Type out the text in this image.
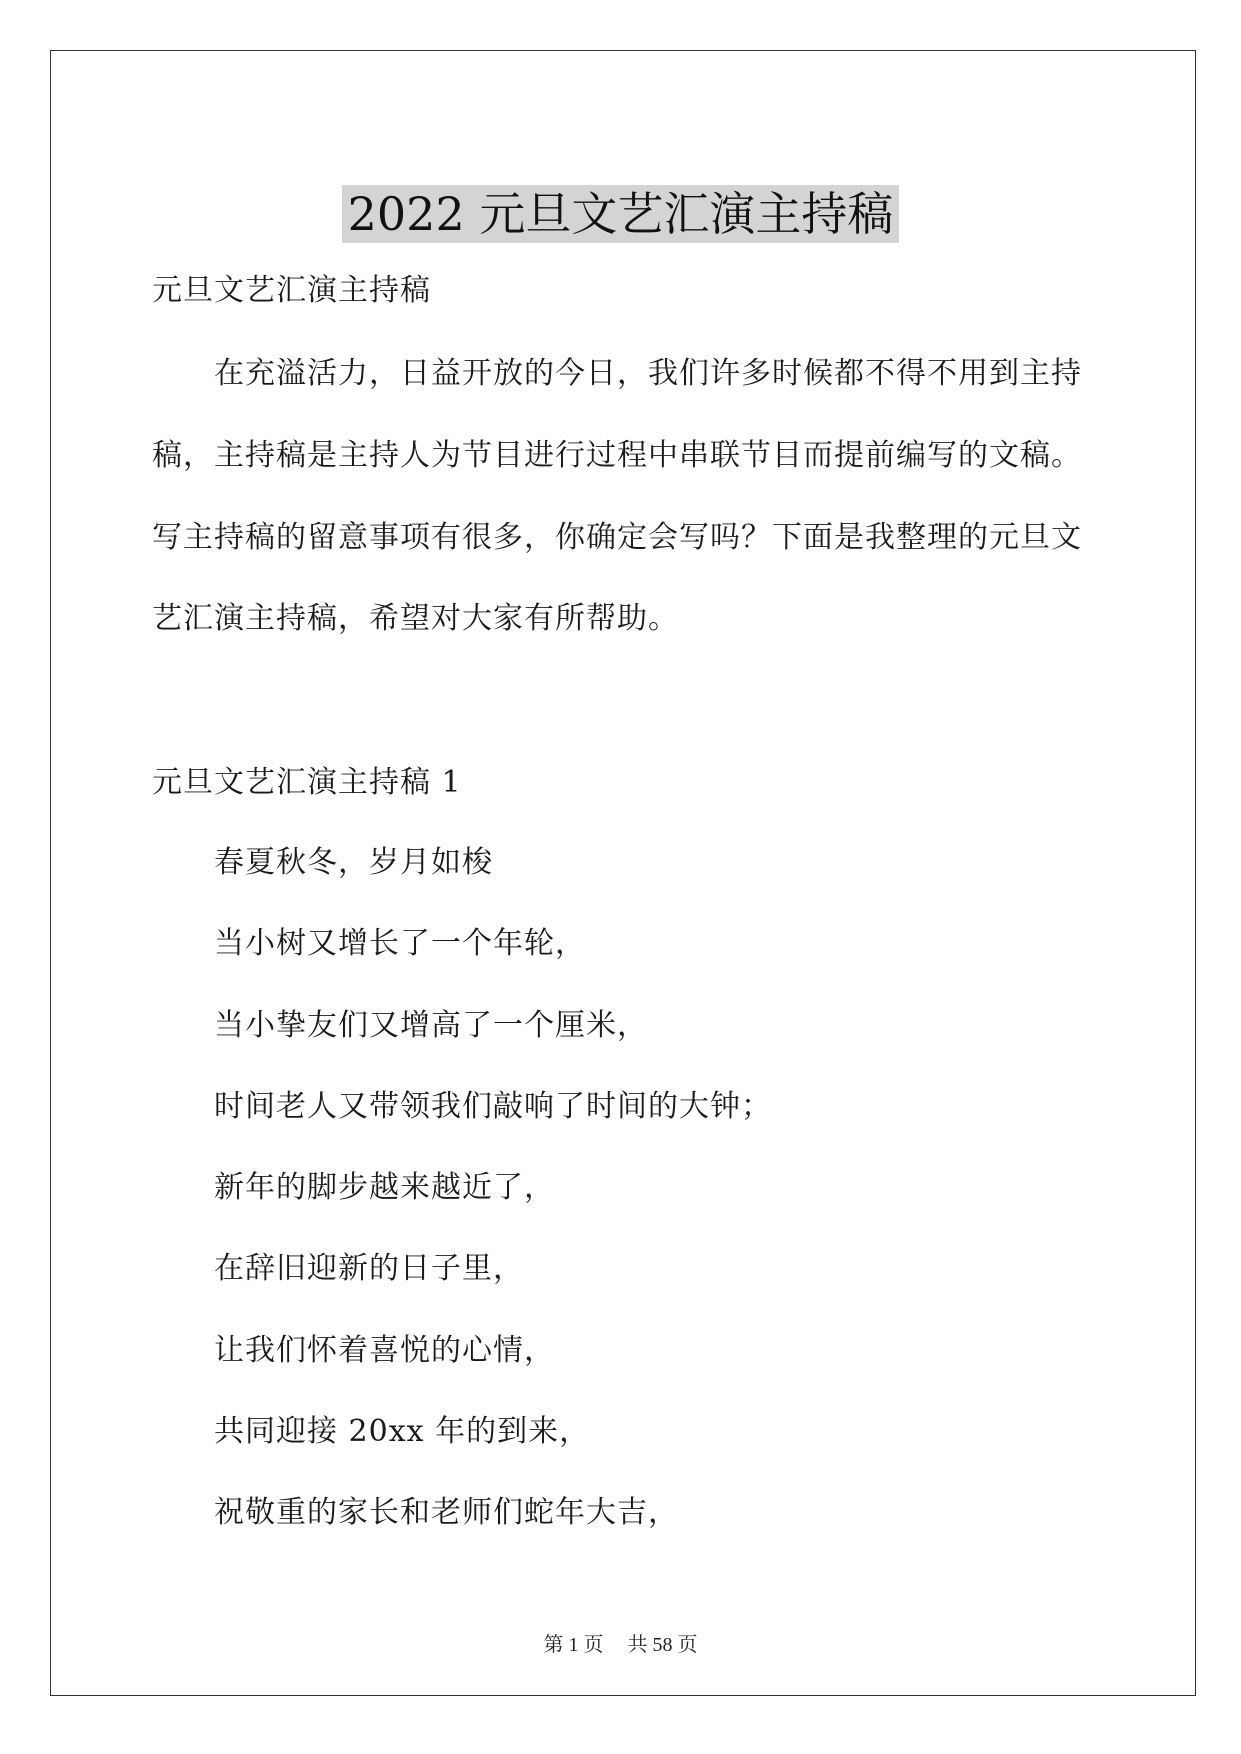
2022 元旦文艺汇演主持稿

元旦文艺汇演主持稿

在充溢活力，日益开放的今日，我们许多时候都不得不用到主持

稿，主持稿是主持人为节目进行过程中串联节目而提前编写的文稿。

写主持稿的留意事项有很多，你确定会写吗？下面是我整理的元旦文

艺汇演主持稿，希望对大家有所帮助。

元旦文艺汇演主持稿 1

春夏秋冬，岁月如梭

当小树又增长了一个年轮，

当小挚友们又增高了一个厘米，

时间老人又带领我们敲响了时间的大钟；

新年的脚步越来越近了，

在辞旧迎新的日子里，

让我们怀着喜悦的心情，

共同迎接 20xx 年的到来，

祝敬重的家长和老师们蛇年大吉，

第 1 页 共 58 页
